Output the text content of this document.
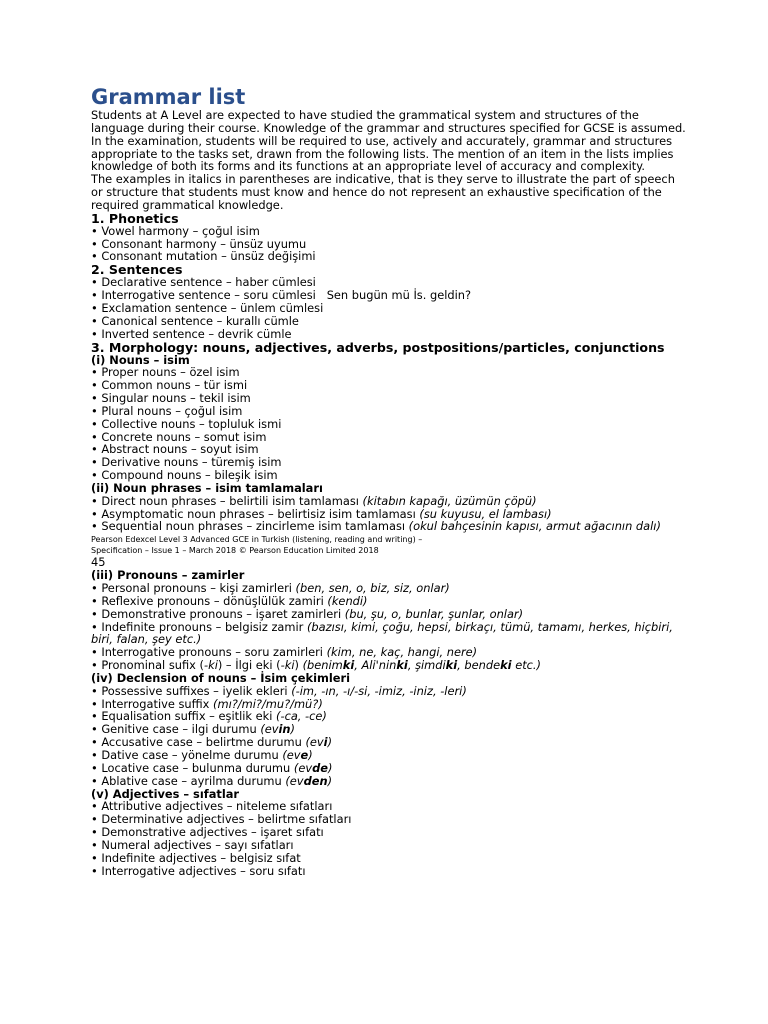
Grammar list

Students at A Level are expected to have studied the grammatical system and structures of the language during their course. Knowledge of the grammar and structures specified for GCSE is assumed.

In the examination, students will be required to use, actively and accurately, grammar and structures appropriate to the tasks set, drawn from the following lists. The mention of an item in the lists implies knowledge of both its forms and its functions at an appropriate level of accuracy and complexity.

The examples in italics in parentheses are indicative, that is they serve to illustrate the part of speech or structure that students must know and hence do not represent an exhaustive specification of the required grammatical knowledge.

1. Phonetics
• Vowel harmony – çoğul isim
• Consonant harmony – ünsüz uyumu
• Consonant mutation – ünsüz değişimi
2. Sentences
• Declarative sentence – haber cümlesi
• Interrogative sentence – soru cümlesi   Sen bugün mü İs. geldin?
• Exclamation sentence – ünlem cümlesi
• Canonical sentence – kurallı cümle
• Inverted sentence – devrik cümle
3. Morphology: nouns, adjectives, adverbs, postpositions/particles, conjunctions
(i) Nouns – isim
• Proper nouns – özel isim
• Common nouns – tür ismi
• Singular nouns – tekil isim
• Plural nouns – çoğul isim
• Collective nouns – topluluk ismi
• Concrete nouns – somut isim
• Abstract nouns – soyut isim
• Derivative nouns – türemiş isim
• Compound nouns – bileşik isim
(ii) Noun phrases – isim tamlamaları
• Direct noun phrases – belirtili isim tamlaması (kitabın kapağı, üzümün çöpü)
• Asymptomatic noun phrases – belirtisiz isim tamlaması (su kuyusu, el lambası)
• Sequential noun phrases – zincirleme isim tamlaması (okul bahçesinin kapısı, armut ağacının dalı)
Pearson Edexcel Level 3 Advanced GCE in Turkish (listening, reading and writing) –
Specification – Issue 1 – March 2018 © Pearson Education Limited 2018
45
(iii) Pronouns – zamirler
• Personal pronouns – kişi zamirleri (ben, sen, o, biz, siz, onlar)
• Reflexive pronouns – dönüşlülük zamiri (kendi)
• Demonstrative pronouns – işaret zamirleri (bu, şu, o, bunlar, şunlar, onlar)
• Indefinite pronouns – belgisiz zamir (bazısı, kimi, çoğu, hepsi, birkaçı, tümü, tamamı, herkes, hiçbiri, biri, falan, şey etc.)
• Interrogative pronouns – soru zamirleri (kim, ne, kaç, hangi, nere)
• Pronominal sufix (-ki) – İlgi eki (-ki) (benimki, Ali'ninki, şimdiki, bendeki etc.)
(iv) Declension of nouns – İsim çekimleri
• Possessive suffixes – iyelik ekleri (-im, -ın, -ı/-si, -imiz, -iniz, -leri)
• Interrogative suffix (mı?/mi?/mu?/mü?)
• Equalisation suffix – eşitlik eki (-ca, -ce)
• Genitive case – ilgi durumu (evin)
• Accusative case – belirtme durumu (evi)
• Dative case – yönelme durumu (eve)
• Locative case – bulunma durumu (evde)
• Ablative case – ayrilma durumu (evden)
(v) Adjectives – sıfatlar
• Attributive adjectives – niteleme sıfatları
• Determinative adjectives – belirtme sıfatları
• Demonstrative adjectives – işaret sıfatı
• Numeral adjectives – sayı sıfatları
• Indefinite adjectives – belgisiz sıfat
• Interrogative adjectives – soru sıfatı
